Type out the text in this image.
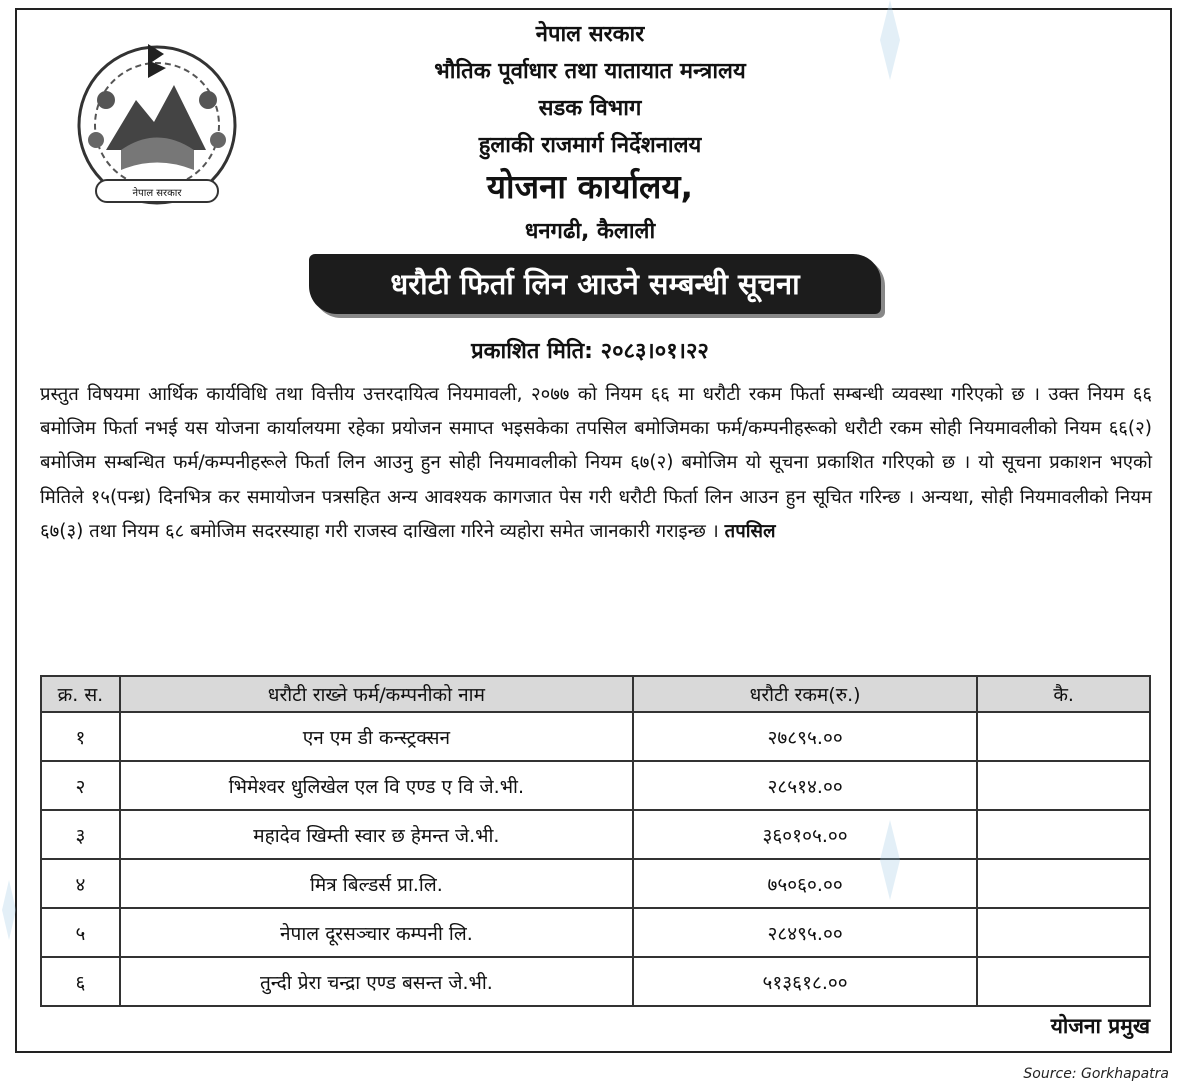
नेपाल सरकार
नेपाल सरकार
भौतिक पूर्वाधार तथा यातायात मन्त्रालय
सडक विभाग
हुलाकी राजमार्ग निर्देशनालय
योजना कार्यालय,
धनगढी, कैलाली
धरौटी फिर्ता लिन आउने सम्बन्धी सूचना
प्रकाशित मिति: २०८३।०१।२२
प्रस्तुत विषयमा आर्थिक कार्यविधि तथा वित्तीय उत्तरदायित्व नियमावली, २०७७ को नियम ६६ मा धरौटी रकम फिर्ता सम्बन्धी व्यवस्था गरिएको छ । उक्त नियम ६६ बमोजिम फिर्ता नभई यस योजना कार्यालयमा रहेका प्रयोजन समाप्त भइसकेका तपसिल बमोजिमका फर्म/कम्पनीहरूको धरौटी रकम सोही नियमावलीको नियम ६६(२) बमोजिम सम्बन्धित फर्म/कम्पनीहरूले फिर्ता लिन आउनु हुन सोही नियमावलीको नियम ६७(२) बमोजिम यो सूचना प्रकाशित गरिएको छ । यो सूचना प्रकाशन भएको मितिले १५(पन्ध्र) दिनभित्र कर समायोजन पत्रसहित अन्य आवश्यक कागजात पेस गरी धरौटी फिर्ता लिन आउन हुन सूचित गरिन्छ । अन्यथा, सोही नियमावलीको नियम ६७(३) तथा नियम ६८ बमोजिम सदरस्याहा गरी राजस्व दाखिला गरिने व्यहोरा समेत जानकारी गराइन्छ । तपसिल
क्र. स.	धरौटी राख्ने फर्म/कम्पनीको नाम	धरौटी रकम(रु.)	कै.
१	एन एम डी कन्स्ट्रक्सन	२७८९५.००	
२	भिमेश्वर धुलिखेल एल वि एण्ड ए वि जे.भी.	२८५१४.००	
३	महादेव खिम्ती स्वार छ हेमन्त जे.भी.	३६०१०५.००	
४	मित्र बिल्डर्स प्रा.लि.	७५०६०.००	
५	नेपाल दूरसञ्चार कम्पनी लि.	२८४९५.००	
६	तुन्दी प्रेरा चन्द्रा एण्ड बसन्त जे.भी.	५१३६१८.००	
योजना प्रमुख
Source: Gorkhapatra
